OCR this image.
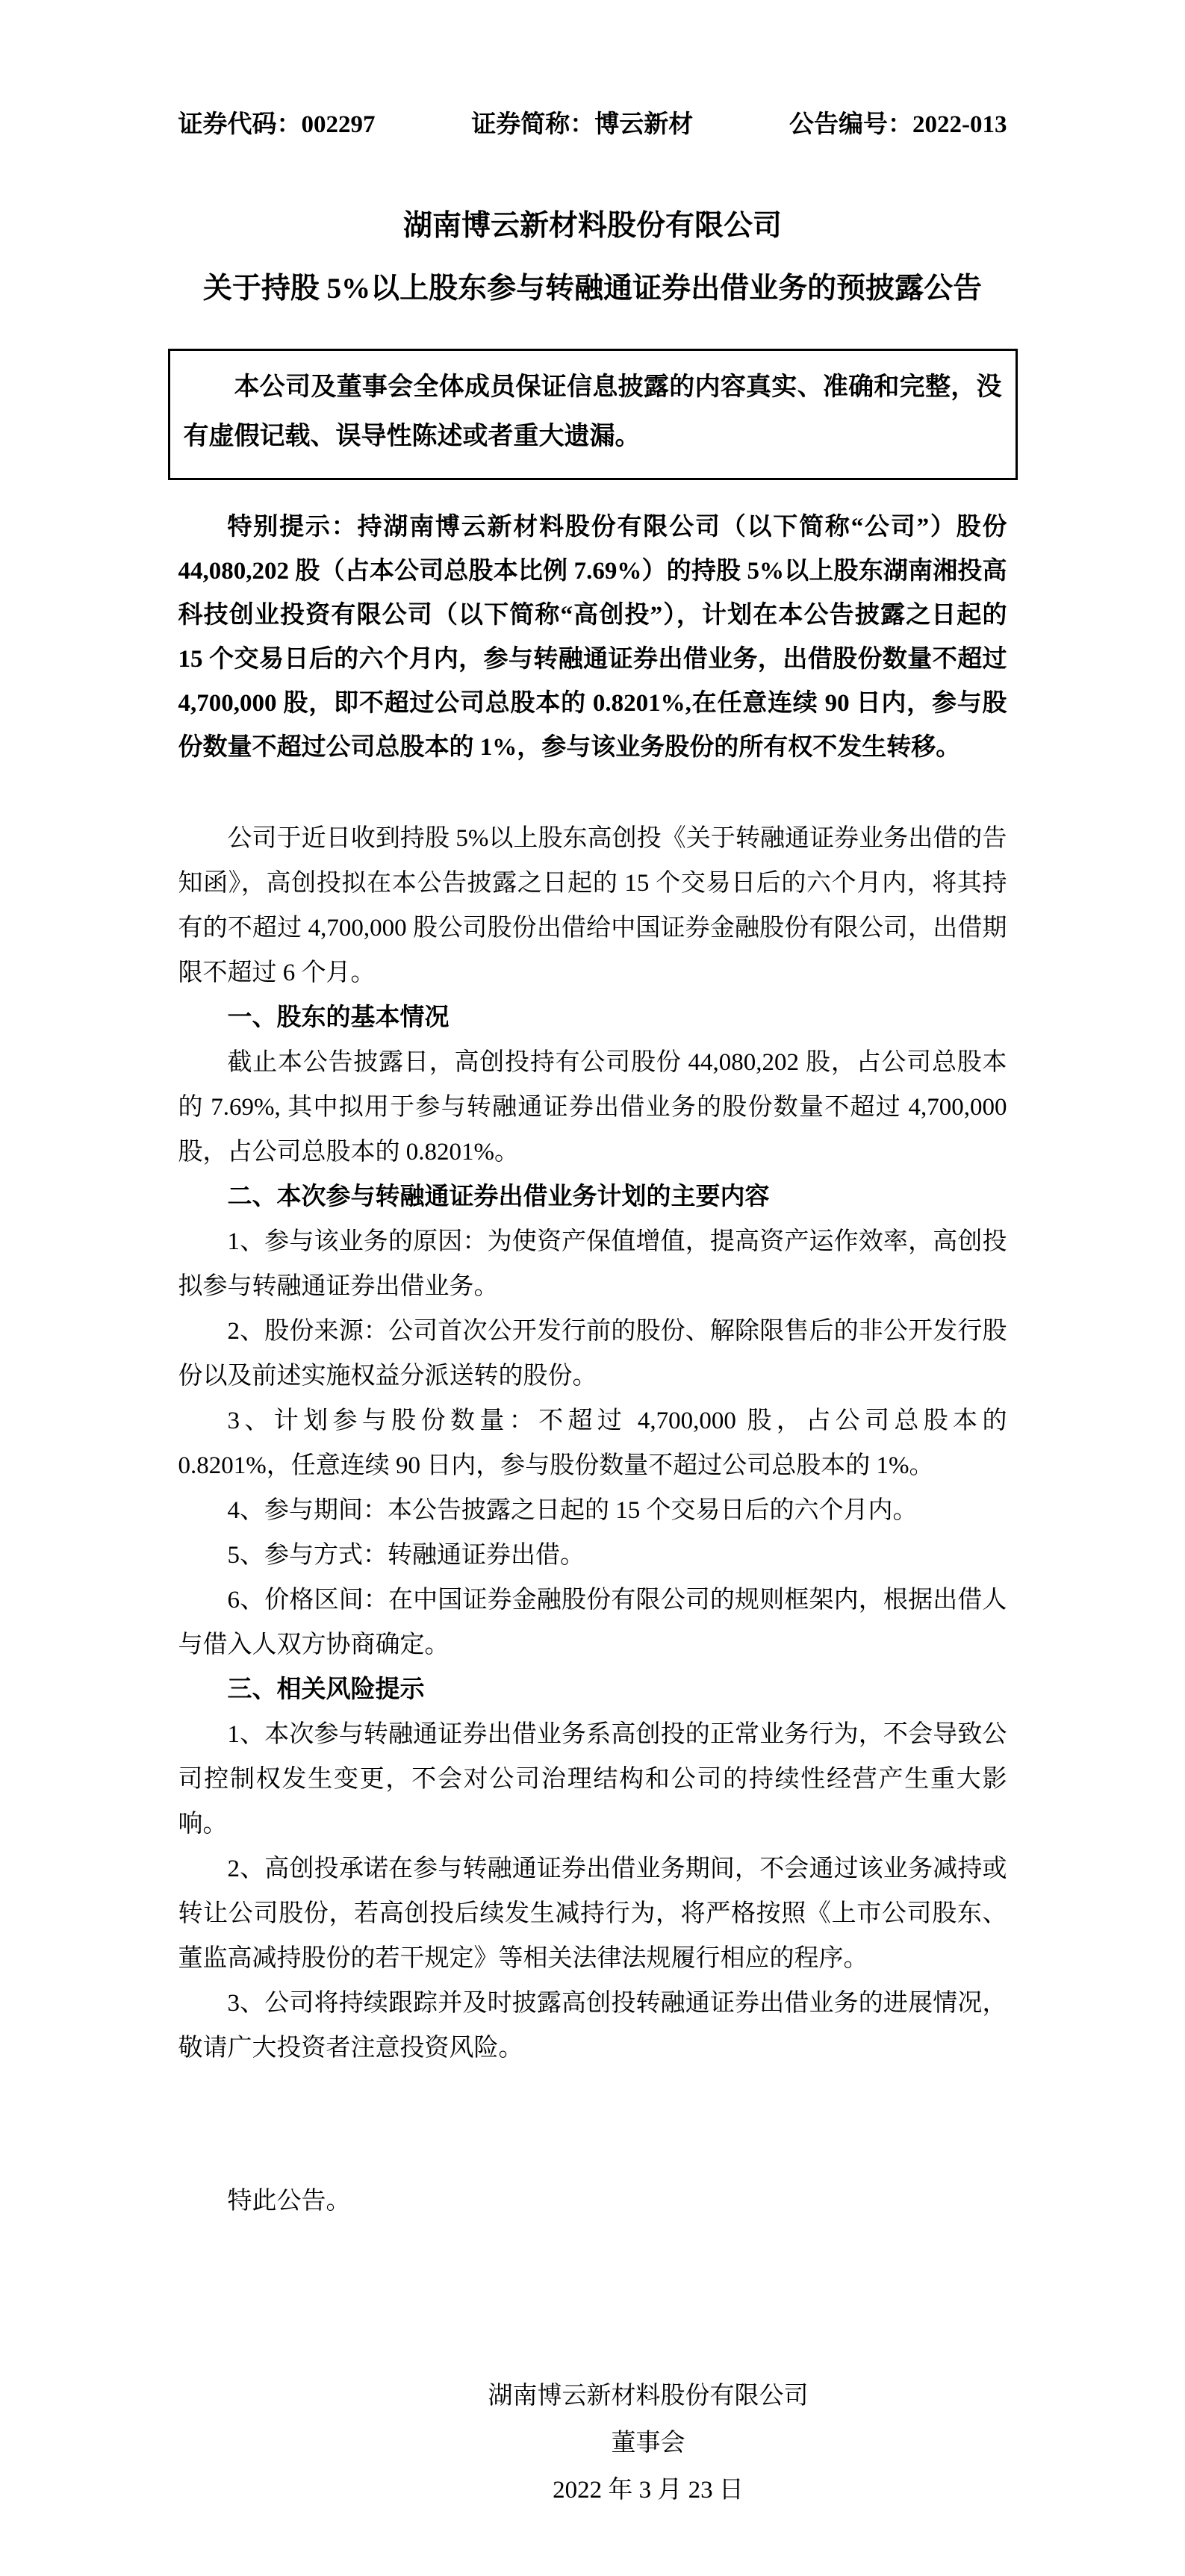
证券代码：002297	证券简称：博云新材	公告编号：2022-013
湖南博云新材料股份有限公司
关于持股 5%以上股东参与转融通证券出借业务的预披露公告
本公司及董事会全体成员保证信息披露的内容真实、准确和完整，没有虚假记载、误导性陈述或者重大遗漏。

特别提示：持湖南博云新材料股份有限公司（以下简称“公司”）股份 44,080,202 股（占本公司总股本比例 7.69%）的持股 5%以上股东湖南湘投高科技创业投资有限公司（以下简称“高创投”），计划在本公告披露之日起的 15 个交易日后的六个月内，参与转融通证券出借业务，出借股份数量不超过 4,700,000 股，即不超过公司总股本的 0.8201%,在任意连续 90 日内，参与股份数量不超过公司总股本的 1%，参与该业务股份的所有权不发生转移。

公司于近日收到持股 5%以上股东高创投《关于转融通证券业务出借的告知函》，高创投拟在本公告披露之日起的 15 个交易日后的六个月内，将其持有的不超过 4,700,000 股公司股份出借给中国证券金融股份有限公司，出借期限不超过 6 个月。

一、股东的基本情况

截止本公告披露日，高创投持有公司股份 44,080,202 股，占公司总股本的 7.69%, 其中拟用于参与转融通证券出借业务的股份数量不超过 4,700,000 股，占公司总股本的 0.8201%。

二、本次参与转融通证券出借业务计划的主要内容

1、参与该业务的原因：为使资产保值增值，提高资产运作效率，高创投拟参与转融通证券出借业务。

2、股份来源：公司首次公开发行前的股份、解除限售后的非公开发行股份以及前述实施权益分派送转的股份。

3、计划参与股份数量：不超过 4,700,000 股，占公司总股本的 0.8201%，任意连续 90 日内，参与股份数量不超过公司总股本的 1%。

4、参与期间：本公告披露之日起的 15 个交易日后的六个月内。

5、参与方式：转融通证券出借。

6、价格区间：在中国证券金融股份有限公司的规则框架内，根据出借人与借入人双方协商确定。

三、相关风险提示

1、本次参与转融通证券出借业务系高创投的正常业务行为，不会导致公司控制权发生变更，不会对公司治理结构和公司的持续性经营产生重大影响。

2、高创投承诺在参与转融通证券出借业务期间，不会通过该业务减持或转让公司股份，若高创投后续发生减持行为，将严格按照《上市公司股东、董监高减持股份的若干规定》等相关法律法规履行相应的程序。

3、公司将持续跟踪并及时披露高创投转融通证券出借业务的进展情况，敬请广大投资者注意投资风险。

特此公告。

湖南博云新材料股份有限公司
董事会
2022 年 3 月 23 日
